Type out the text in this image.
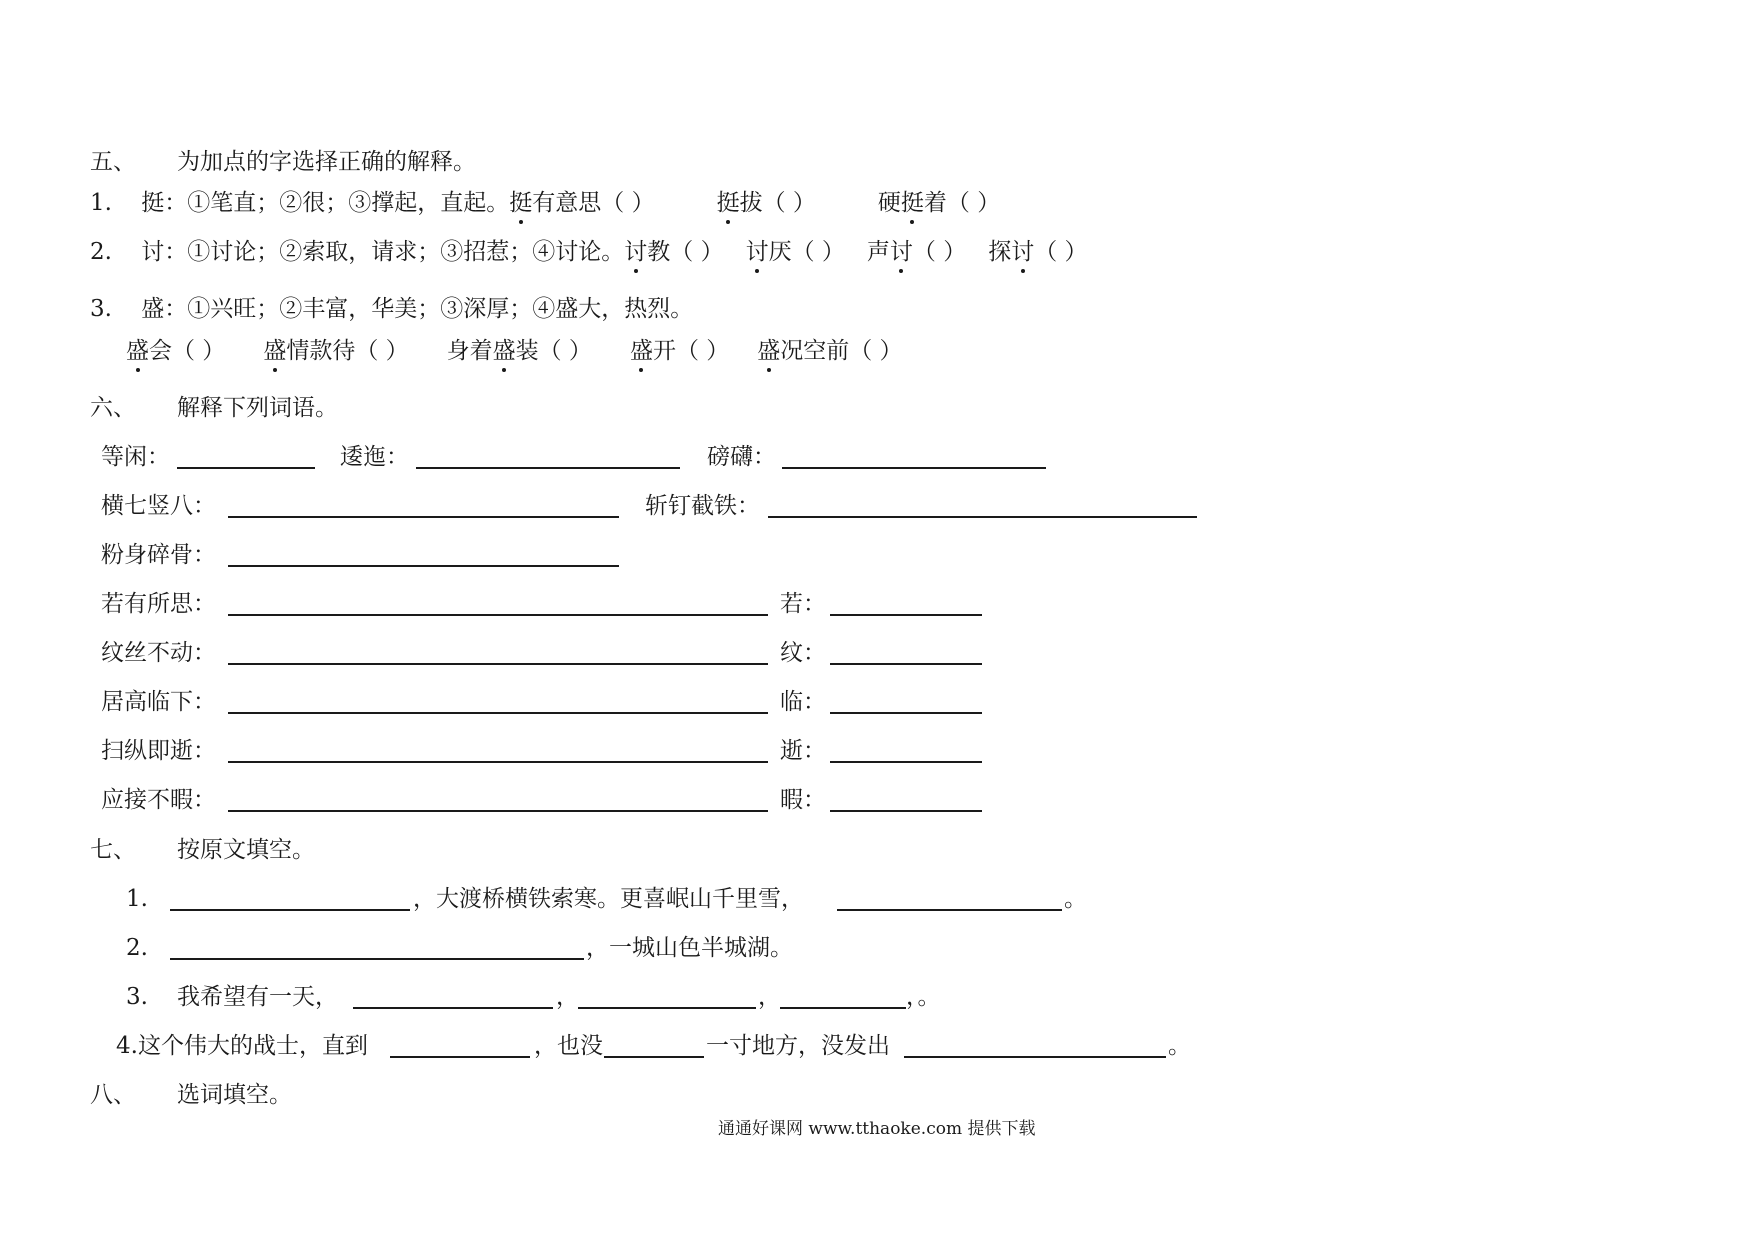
五、 为加点的字选择正确的解释。
1. 挺：①笔直；②很；③撑起，直起。挺有意思（ ）	挺拔（ ）	硬挺着（ ）
2. 讨：①讨论；②索取，请求；③招惹；④讨论。讨教（ ） 讨厌（ ） 声讨（ ） 探讨（ ）
3. 盛：①兴旺；②丰富，华美；③深厚；④盛大，热烈。
盛会（ ） 盛情款待（ ） 身着盛装（ ） 盛开（ ） 盛况空前（ ）
六、 解释下列词语。
等闲：	逶迤：	磅礴：
横七竖八：	斩钉截铁：
粉身碎骨：
若有所思：	若：
纹丝不动：	纹：
居高临下：	临：
扫纵即逝：	逝：
应接不暇：	暇：
七、 按原文填空。
1.	，大渡桥横铁索寒。更喜岷山千里雪，	。
2.	，一城山色半城湖。
3. 我希望有一天，	，	，	，。
4.这个伟大的战士，直到	，也没	一寸地方，没发出	。
八、 选词填空。
通通好课网 www.tthaoke.com 提供下载
